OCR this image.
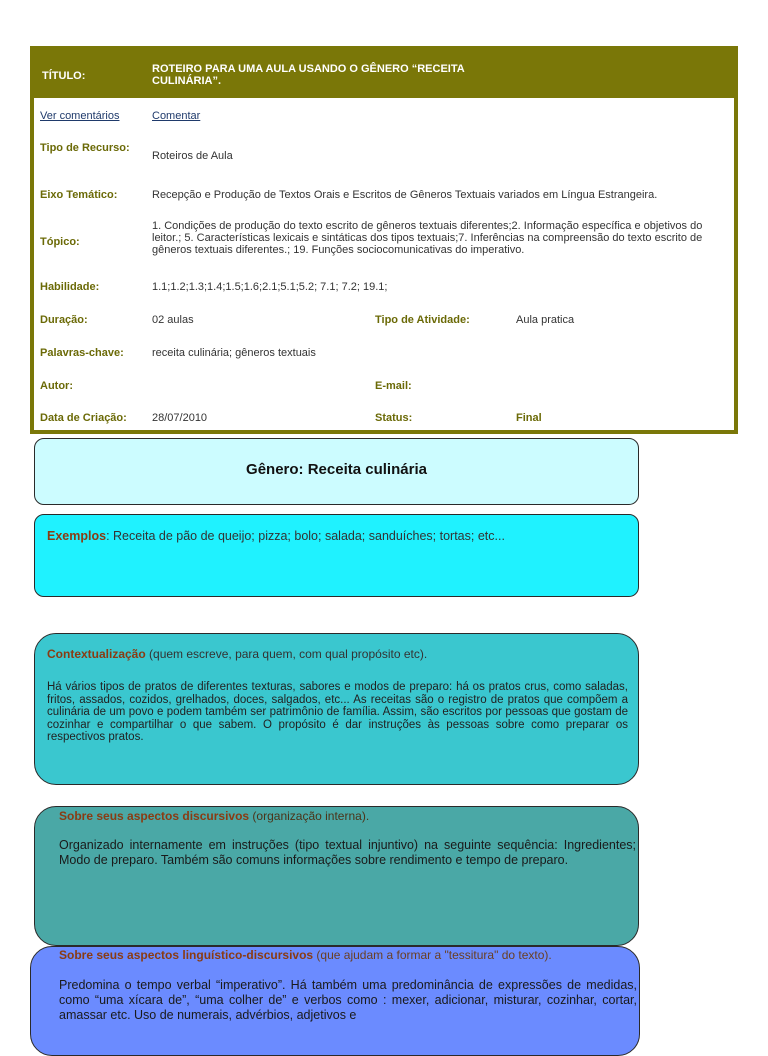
TÍTULO:
ROTEIRO PARA UMA AULA USANDO O GÊNERO “RECEITA CULINÁRIA”.
Ver comentários	Comentar
Tipo de Recurso:
Roteiros de Aula
Eixo Temático:	Recepção e Produção de Textos Orais e Escritos de Gêneros Textuais variados em Língua Estrangeira.
Tópico:
1. Condições de produção do texto escrito de gêneros textuais diferentes;2. Informação específica e objetivos do leitor.; 5. Características lexicais e sintáticas dos tipos textuais;7. Inferências na compreensão do texto escrito de gêneros textuais diferentes.; 19. Funções sociocomunicativas do imperativo.
Habilidade:	1.1;1.2;1.3;1.4;1.5;1.6;2.1;5.1;5.2; 7.1; 7.2; 19.1;
Duração:	02 aulas	Tipo de Atividade:	Aula pratica
Palavras-chave:	receita culinária; gêneros textuais
Autor:	E-mail:
Data de Criação: 28/07/2010	Status:	Final
Gênero: Receita culinária

Exemplos: Receita de pão de queijo; pizza; bolo; salada; sanduíches; tortas; etc...

Contextualização (quem escreve, para quem, com qual propósito etc).
Há vários tipos de pratos de diferentes texturas, sabores e modos de preparo: há os pratos crus, como saladas, fritos, assados, cozidos, grelhados, doces, salgados, etc... As receitas são o registro de pratos que compõem a culinária de um povo e podem também ser patrimônio de família. Assim, são escritos por pessoas que gostam de cozinhar e compartilhar o que sabem. O propósito é dar instruções às pessoas sobre como preparar os respectivos pratos.
Sobre seus aspectos discursivos (organização interna).
Organizado internamente em instruções (tipo textual injuntivo) na seguinte sequência: Ingredientes; Modo de preparo. Também são comuns informações sobre rendimento e tempo de preparo.
Sobre seus aspectos linguístico-discursivos (que ajudam a formar a "tessitura" do texto).
Predomina o tempo verbal “imperativo”. Há também uma predominância de expressões de medidas, como “uma xícara de”, “uma colher de” e verbos como : mexer, adicionar, misturar, cozinhar, cortar, amassar etc. Uso de numerais, advérbios, adjetivos e
